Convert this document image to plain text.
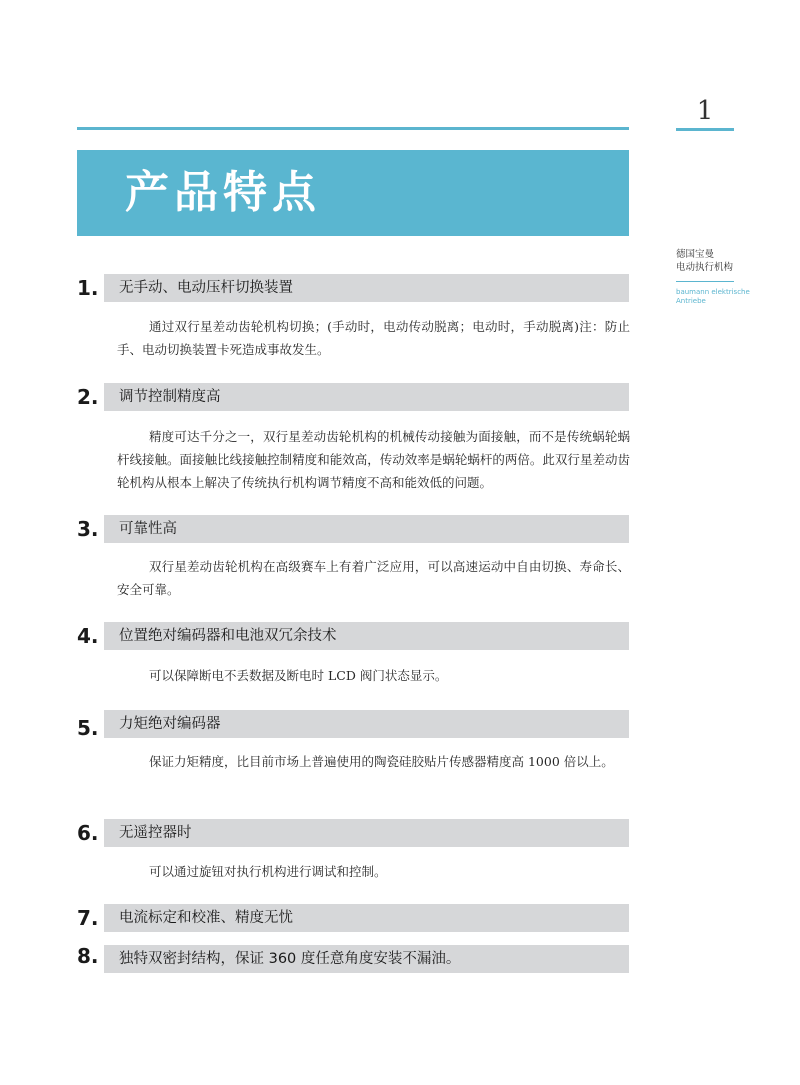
1
产品特点
德国宝曼
电动执行机构
baumann elektrische
Antriebe
1. 无手动、电动压杆切换装置
通过双行星差动齿轮机构切换；(手动时，电动传动脱离；电动时，手动脱离)注：防止手、电动切换装置卡死造成事故发生。
2. 调节控制精度高
精度可达千分之一，双行星差动齿轮机构的机械传动接触为面接触，而不是传统蜗轮蜗杆线接触。面接触比线接触控制精度和能效高，传动效率是蜗轮蜗杆的两倍。此双行星差动齿轮机构从根本上解决了传统执行机构调节精度不高和能效低的问题。
3. 可靠性高
双行星差动齿轮机构在高级赛车上有着广泛应用，可以高速运动中自由切换、寿命长、安全可靠。
4. 位置绝对编码器和电池双冗余技术
可以保障断电不丢数据及断电时 LCD 阀门状态显示。
5. 力矩绝对编码器
保证力矩精度，比目前市场上普遍使用的陶瓷硅胶贴片传感器精度高 1000 倍以上。
6. 无遥控器时
可以通过旋钮对执行机构进行调试和控制。
7. 电流标定和校准、精度无忧
8. 独特双密封结构，保证 360 度任意角度安装不漏油。
